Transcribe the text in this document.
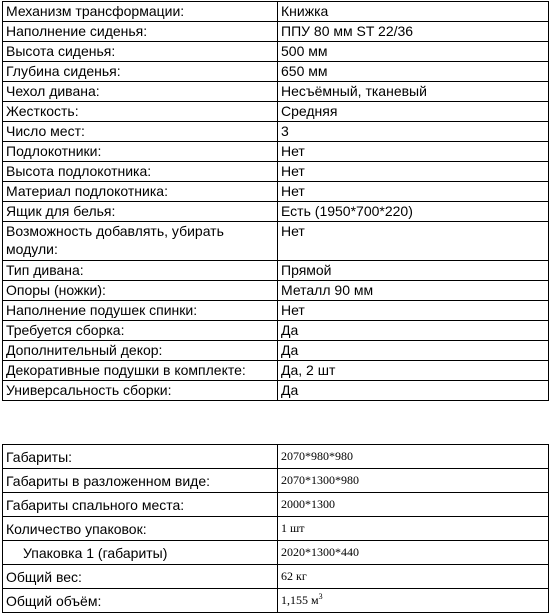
Механизм трансформации:	Книжка
Наполнение сиденья:	ППУ 80 мм ST 22/36
Высота сиденья:	500 мм
Глубина сиденья:	650 мм
Чехол дивана:	Несъёмный, тканевый
Жесткость:	Средняя
Число мест:	3
Подлокотники:	Нет
Высота подлокотника:	Нет
Материал подлокотника:	Нет
Ящик для белья:	Есть (1950*700*220)
Возможность добавлять, убирать модули:	Нет
Тип дивана:	Прямой
Опоры (ножки):	Металл 90 мм
Наполнение подушек спинки:	Нет
Требуется сборка:	Да
Дополнительный декор:	Да
Декоративные подушки в комплекте:	Да, 2 шт
Универсальность сборки:	Да
Габариты:	2070*980*980
Габариты в разложенном виде:	2070*1300*980
Габариты спального места:	2000*1300
Количество упаковок:	1 шт
Упаковка 1 (габариты)	2020*1300*440
Общий вес:	62 кг
Общий объём:	1,155 $м^3$
